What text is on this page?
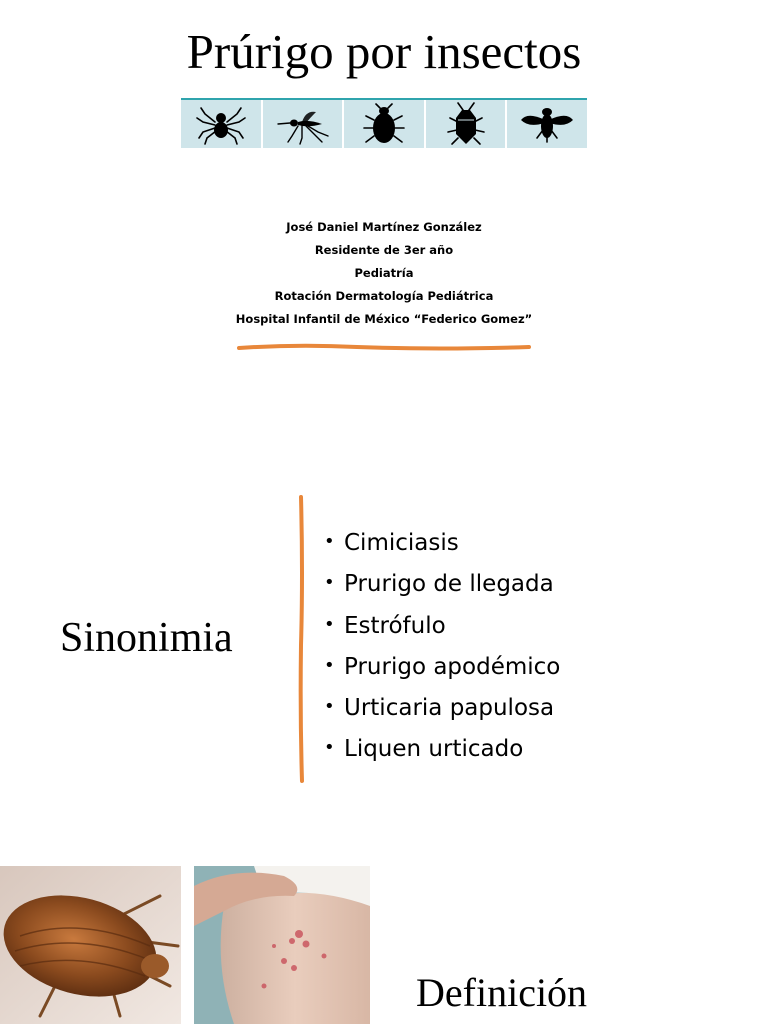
Prúrigo por insectos
José Daniel Martínez González
Residente de 3er año
Pediatría
Rotación Dermatología Pediátrica
Hospital Infantil de México “Federico Gomez”
Sinonimia
• Cimiciasis
• Prurigo de llegada
• Estrófulo
• Prurigo apodémico
• Urticaria papulosa
• Liquen urticado
Definición
